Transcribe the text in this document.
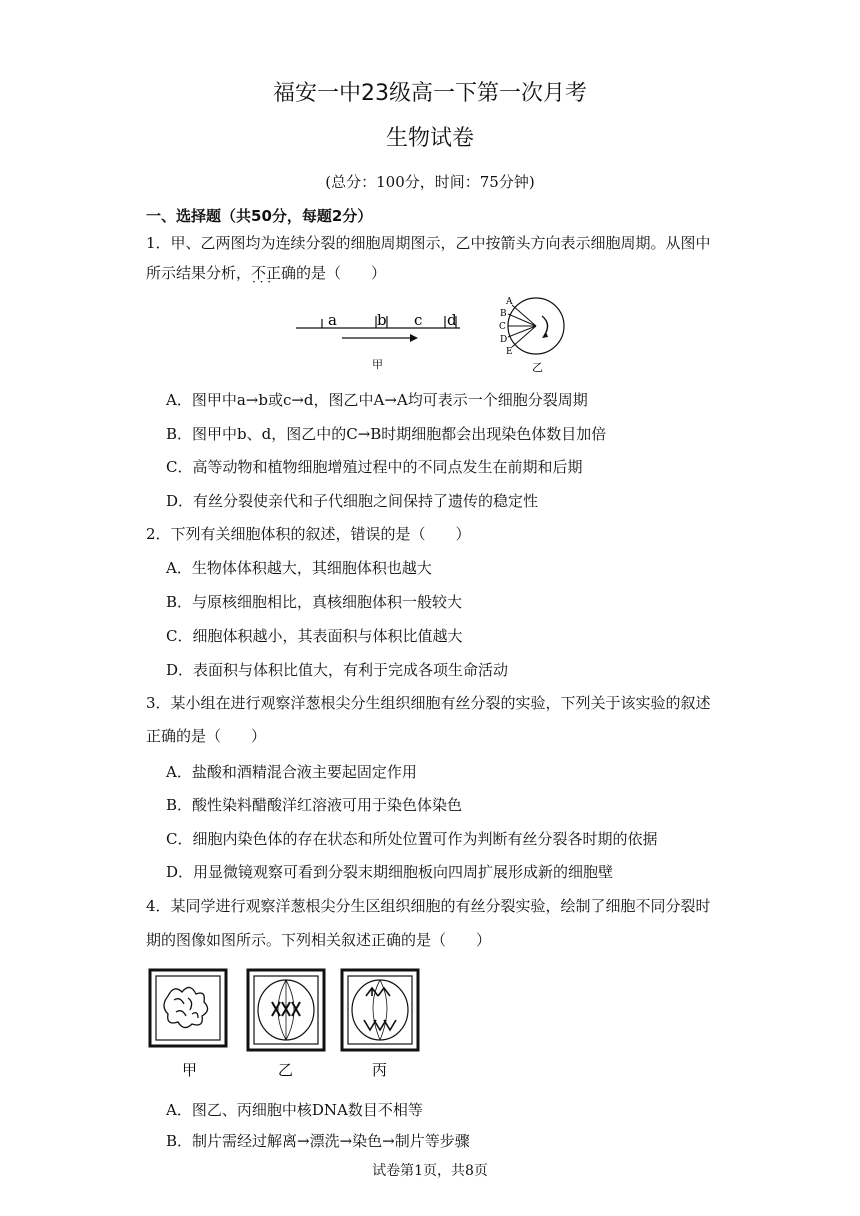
福安一中23级高一下第一次月考
生物试卷
(总分：100分，时间：75分钟)
一、选择题（共50分，每题2分）
1．甲、乙两图均为连续分裂的细胞周期图示，乙中按箭头方向表示细胞周期。从图中
所示结果分析，不正确 · · ·的是（　　）
a	b c d
甲
A
B
C
D
E
乙
A．图甲中a→b或c→d，图乙中A→A均可表示一个细胞分裂周期
B．图甲中b、d，图乙中的C→B时期细胞都会出现染色体数目加倍
C．高等动物和植物细胞增殖过程中的不同点发生在前期和后期
D．有丝分裂使亲代和子代细胞之间保持了遗传的稳定性
2．下列有关细胞体积的叙述，错误的是（　　）
A．生物体体积越大，其细胞体积也越大
B．与原核细胞相比，真核细胞体积一般较大
C．细胞体积越小，其表面积与体积比值越大
D．表面积与体积比值大，有利于完成各项生命活动
3．某小组在进行观察洋葱根尖分生组织细胞有丝分裂的实验，下列关于该实验的叙述
正确的是（　　）
A．盐酸和酒精混合液主要起固定作用
B．酸性染料醋酸洋红溶液可用于染色体染色
C．细胞内染色体的存在状态和所处位置可作为判断有丝分裂各时期的依据
D．用显微镜观察可看到分裂末期细胞板向四周扩展形成新的细胞壁
4．某同学进行观察洋葱根尖分生区组织细胞的有丝分裂实验，绘制了细胞不同分裂时
期的图像如图所示。下列相关叙述正确的是（　　）
甲	乙	丙
A．图乙、丙细胞中核DNA数目不相等
B．制片需经过解离→漂洗→染色→制片等步骤
试卷第1页，共8页
